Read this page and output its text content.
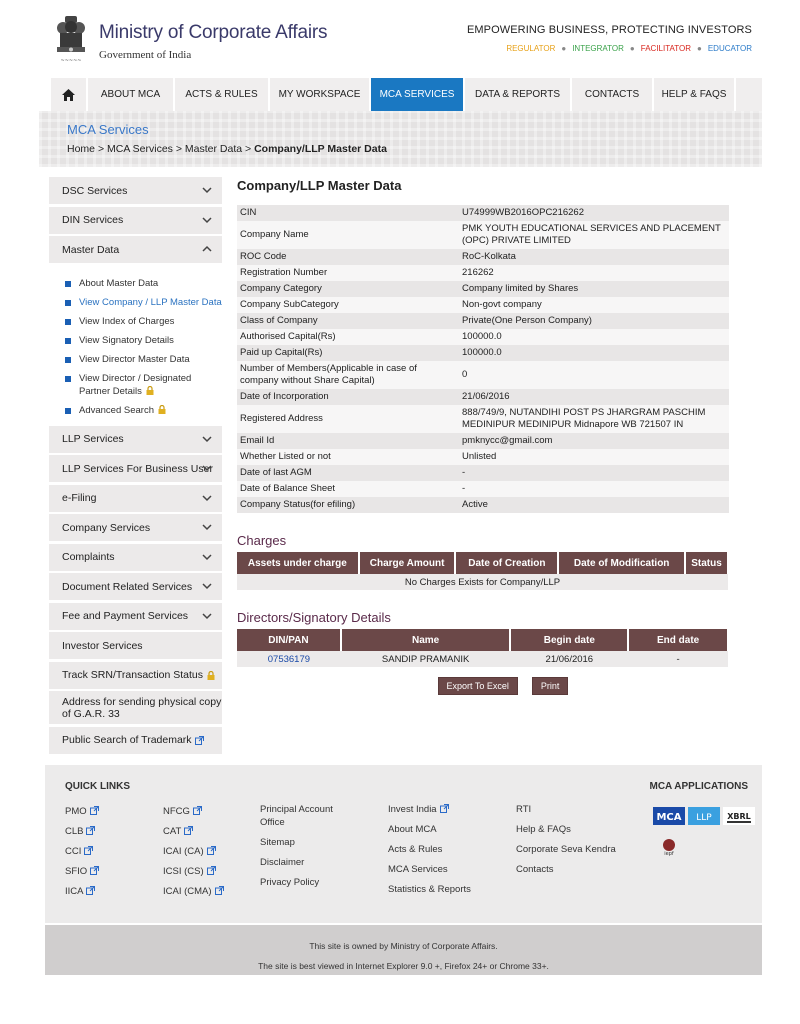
~~~~~
Ministry of Corporate Affairs
Government of India
EMPOWERING BUSINESS, PROTECTING INVESTORS
REGULATOR ● INTEGRATOR ● FACILITATOR ● EDUCATOR
ABOUT MCA	ACTS & RULES	MY WORKSPACE	MCA SERVICES	DATA & REPORTS	CONTACTS	HELP & FAQS
MCA Services
Home > MCA Services > Master Data > Company/LLP Master Data
DSC Services
DIN Services
Master Data
About Master Data
View Company / LLP Master Data
View Index of Charges
View Signatory Details
View Director Master Data
View Director / Designated Partner Details
Advanced Search
LLP Services
LLP Services For Business User
e-Filing
Company Services
Complaints
Document Related Services
Fee and Payment Services
Investor Services
Track SRN/Transaction Status
Address for sending physical copy of G.A.R. 33
Public Search of Trademark
Company/LLP Master Data
CIN	U74999WB2016OPC216262
Company Name	PMK YOUTH EDUCATIONAL SERVICES AND PLACEMENT (OPC) PRIVATE LIMITED
ROC Code	RoC-Kolkata
Registration Number	216262
Company Category	Company limited by Shares
Company SubCategory	Non-govt company
Class of Company	Private(One Person Company)
Authorised Capital(Rs)	100000.0
Paid up Capital(Rs)	100000.0
Number of Members(Applicable in case of company without Share Capital)	0
Date of Incorporation	21/06/2016
Registered Address	888/749/9, NUTANDIHI POST PS JHARGRAM PASCHIM MEDINIPUR MEDINIPUR Midnapore WB 721507 IN
Email Id	pmknycc@gmail.com
Whether Listed or not	Unlisted
Date of last AGM	-
Date of Balance Sheet	-
Company Status(for efiling)	Active
Charges
Assets under charge	Charge Amount	Date of Creation	Date of Modification	Status
No Charges Exists for Company/LLP
Directors/Signatory Details
DIN/PAN	Name	Begin date	End date
07536179	SANDIP PRAMANIK	21/06/2016	-
Export To Excel	Print
QUICK LINKS	MCA APPLICATIONS
PMO
CLB
CCI
SFIO
IICA
NFCG
CAT
ICAI (CA)
ICSI (CS)
ICAI (CMA)
Principal Account Office
Sitemap
Disclaimer
Privacy Policy
Invest India
About MCA
Acts & Rules
MCA Services
Statistics & Reports
RTI
Help & FAQs
Corporate Seva Kendra
Contacts
MCA
LLP
XBRL

iepf
This site is owned by Ministry of Corporate Affairs.
The site is best viewed in Internet Explorer 9.0 +, Firefox 24+ or Chrome 33+.
